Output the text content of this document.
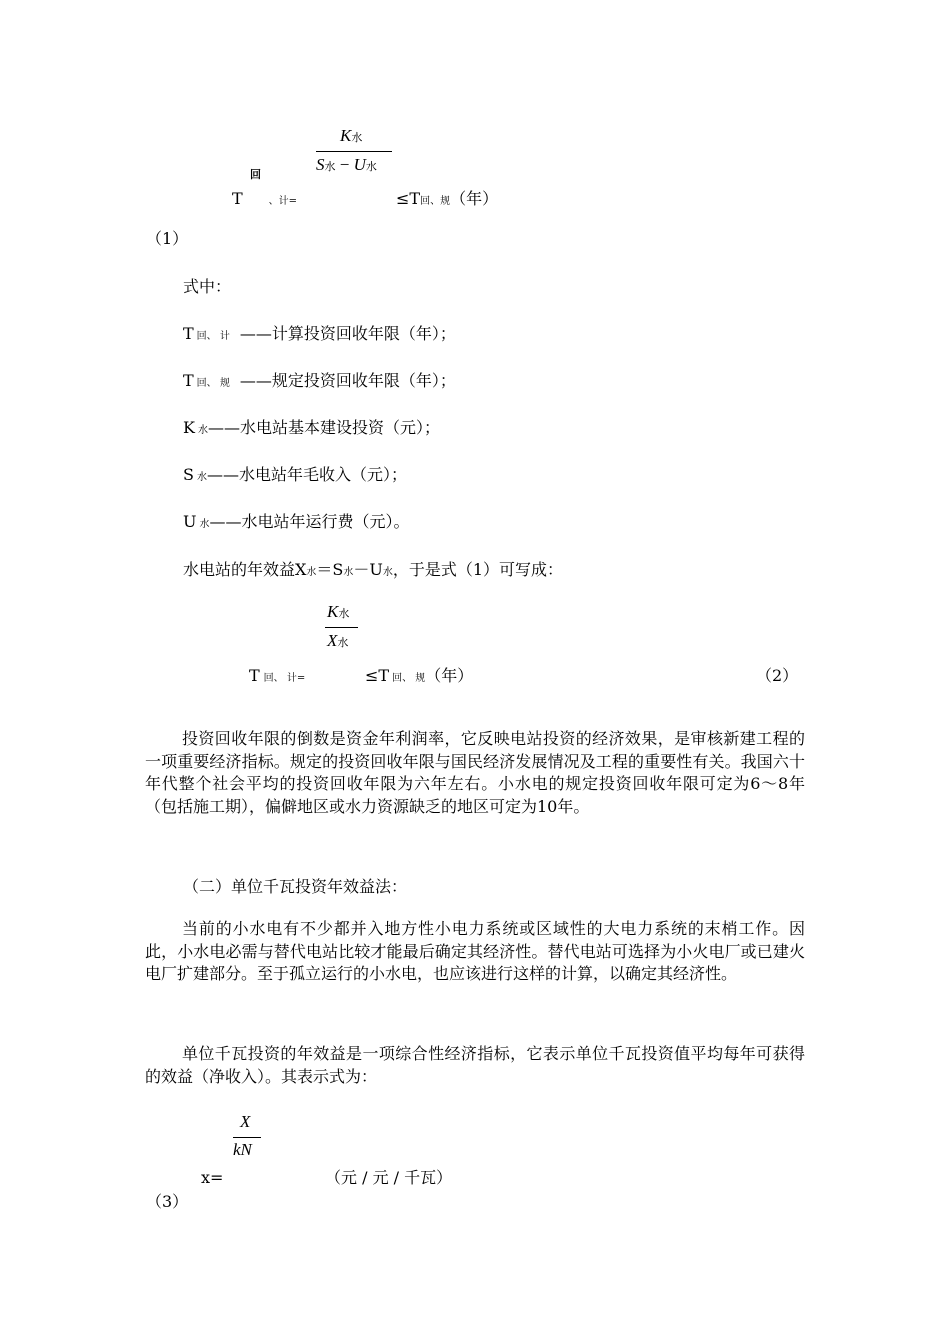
K水
S水 − U水
回
T	、计=	≤T回、规（年）
（1）
式中：
T回、 计 ——计算投资回收年限（年）；
T回、 规 ——规定投资回收年限（年）；
K水——水电站基本建设投资（元）；
S水——水电站年毛收入（元）；
U水——水电站年运行费（元）。
水电站的年效益X水＝S水－U水，于是式（1）可写成：
K水
X水
T回、 计=	≤T 回、 规（年）	（2）
投资回收年限的倒数是资金年利润率，它反映电站投资的经济效果，是审核新建工程的一项重要经济指标。规定的投资回收年限与国民经济发展情况及工程的重要性有关。我国六十年代整个社会平均的投资回收年限为六年左右。小水电的规定投资回收年限可定为6～8年（包括施工期），偏僻地区或水力资源缺乏的地区可定为10年。
（二）单位千瓦投资年效益法：
当前的小水电有不少都并入地方性小电力系统或区域性的大电力系统的末梢工作。因此，小水电必需与替代电站比较才能最后确定其经济性。替代电站可选择为小火电厂或已建火电厂扩建部分。至于孤立运行的小水电，也应该进行这样的计算，以确定其经济性。
单位千瓦投资的年效益是一项综合性经济指标，它表示单位千瓦投资值平均每年可获得的效益（净收入）。其表示式为：
X
kN
x=	（元 / 元 / 千瓦）
（3）
